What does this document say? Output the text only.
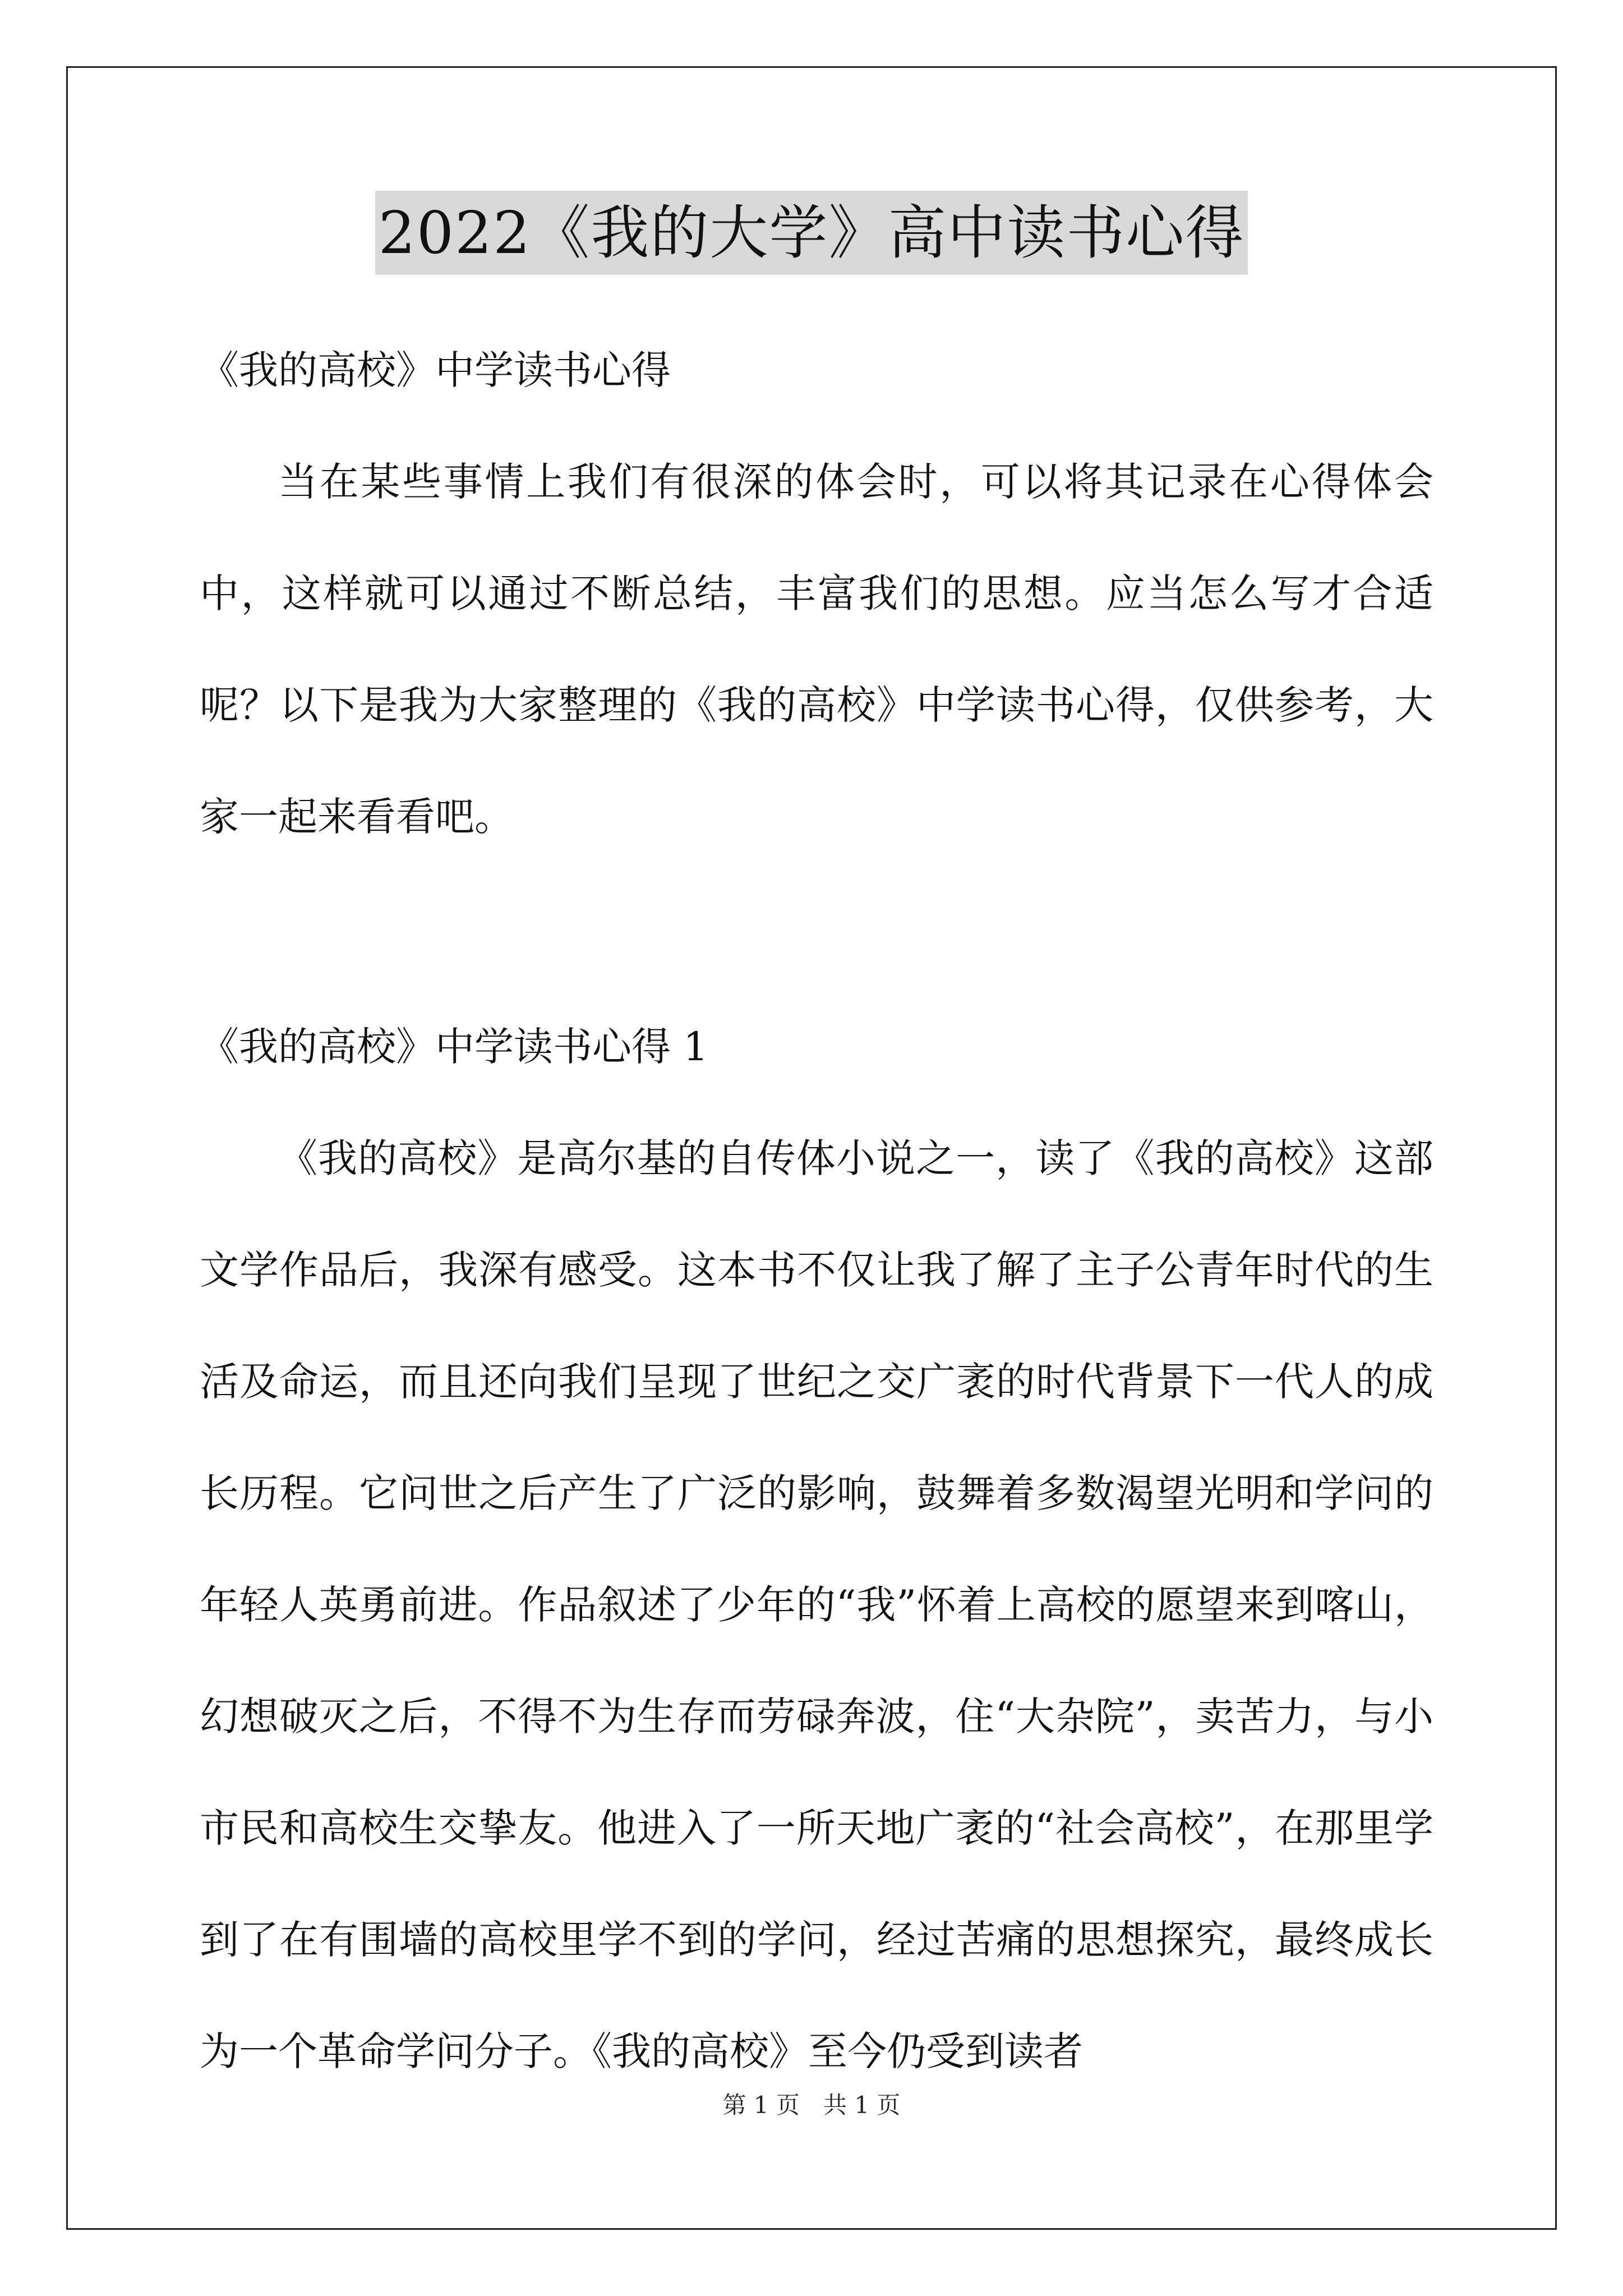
2022《我的大学》高中读书心得

《我的高校》中学读书心得

当在某些事情上我们有很深的体会时，可以将其记录在心得体会中，这样就可以通过不断总结，丰富我们的思想。应当怎么写才合适呢？以下是我为大家整理的《我的高校》中学读书心得，仅供参考，大家一起来看看吧。

《我的高校》中学读书心得 1

《我的高校》是高尔基的自传体小说之一，读了《我的高校》这部文学作品后，我深有感受。这本书不仅让我了解了主子公青年时代的生活及命运，而且还向我们呈现了世纪之交广袤的时代背景下一代人的成长历程。它问世之后产生了广泛的影响，鼓舞着多数渴望光明和学问的年轻人英勇前进。作品叙述了少年的“我”怀着上高校的愿望来到喀山，幻想破灭之后，不得不为生存而劳碌奔波，住“大杂院”，卖苦力，与小市民和高校生交挚友。他进入了一所天地广袤的“社会高校”，在那里学到了在有围墙的高校里学不到的学问，经过苦痛的思想探究，最终成长为一个革命学问分子。《我的高校》至今仍受到读者

第 1 页　共 1 页
